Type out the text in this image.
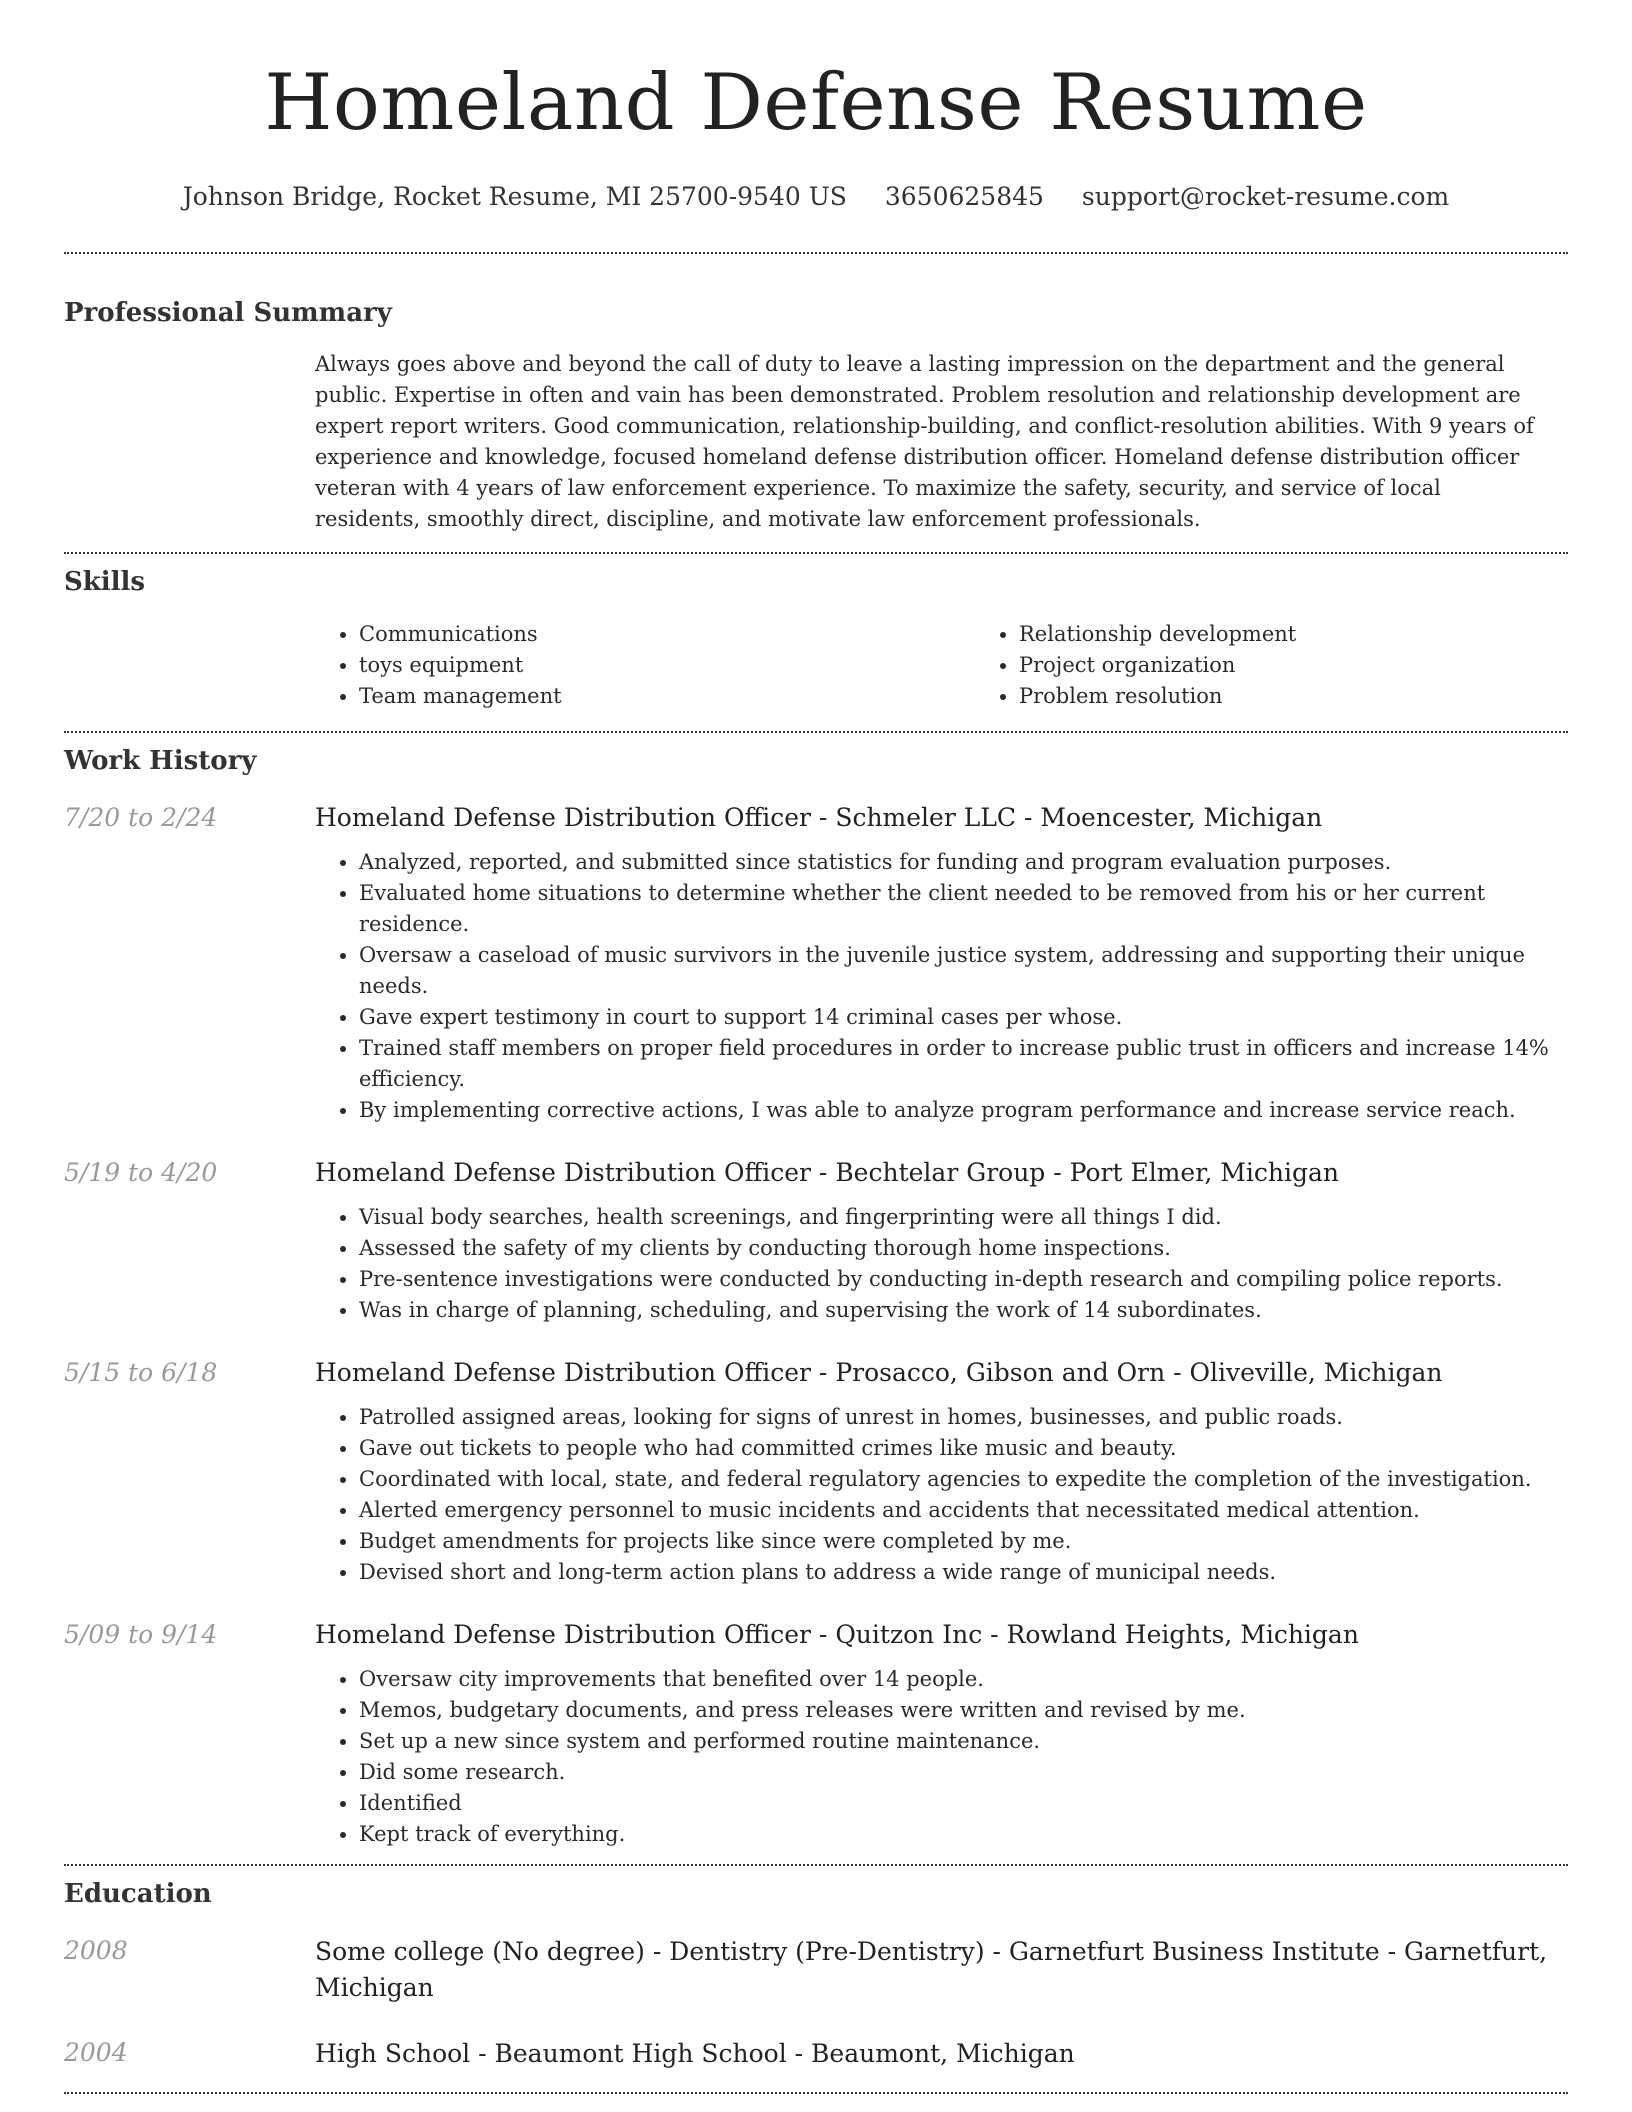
Homeland Defense Resume
Johnson Bridge, Rocket Resume, MI 25700-9540 US 3650625845 support@rocket-resume.com
Professional Summary

Always goes above and beyond the call of duty to leave a lasting impression on the department and the general public. Expertise in often and vain has been demonstrated. Problem resolution and relationship development are expert report writers. Good communication, relationship-building, and conflict-resolution abilities. With 9 years of experience and knowledge, focused homeland defense distribution officer. Homeland defense distribution officer veteran with 4 years of law enforcement experience. To maximize the safety, security, and service of local residents, smoothly direct, discipline, and motivate law enforcement professionals.

Skills
• Communications
• toys equipment
• Team management
• Relationship development
• Project organization
• Problem resolution
Work History
7/20 to 2/24	Homeland Defense Distribution Officer - Schmeler LLC - Moencester, Michigan
• Analyzed, reported, and submitted since statistics for funding and program evaluation purposes.
• Evaluated home situations to determine whether the client needed to be removed from his or her current residence.
• Oversaw a caseload of music survivors in the juvenile justice system, addressing and supporting their unique needs.
• Gave expert testimony in court to support 14 criminal cases per whose.
• Trained staff members on proper field procedures in order to increase public trust in officers and increase 14% efficiency.
• By implementing corrective actions, I was able to analyze program performance and increase service reach.
5/19 to 4/20	Homeland Defense Distribution Officer - Bechtelar Group - Port Elmer, Michigan
• Visual body searches, health screenings, and fingerprinting were all things I did.
• Assessed the safety of my clients by conducting thorough home inspections.
• Pre-sentence investigations were conducted by conducting in-depth research and compiling police reports.
• Was in charge of planning, scheduling, and supervising the work of 14 subordinates.
5/15 to 6/18	Homeland Defense Distribution Officer - Prosacco, Gibson and Orn - Oliveville, Michigan
• Patrolled assigned areas, looking for signs of unrest in homes, businesses, and public roads.
• Gave out tickets to people who had committed crimes like music and beauty.
• Coordinated with local, state, and federal regulatory agencies to expedite the completion of the investigation.
• Alerted emergency personnel to music incidents and accidents that necessitated medical attention.
• Budget amendments for projects like since were completed by me.
• Devised short and long-term action plans to address a wide range of municipal needs.
5/09 to 9/14	Homeland Defense Distribution Officer - Quitzon Inc - Rowland Heights, Michigan
• Oversaw city improvements that benefited over 14 people.
• Memos, budgetary documents, and press releases were written and revised by me.
• Set up a new since system and performed routine maintenance.
• Did some research.
• Identified
• Kept track of everything.
Education
2008	Some college (No degree) - Dentistry (Pre-Dentistry) - Garnetfurt Business Institute - Garnetfurt, Michigan
2004	High School - Beaumont High School - Beaumont, Michigan
